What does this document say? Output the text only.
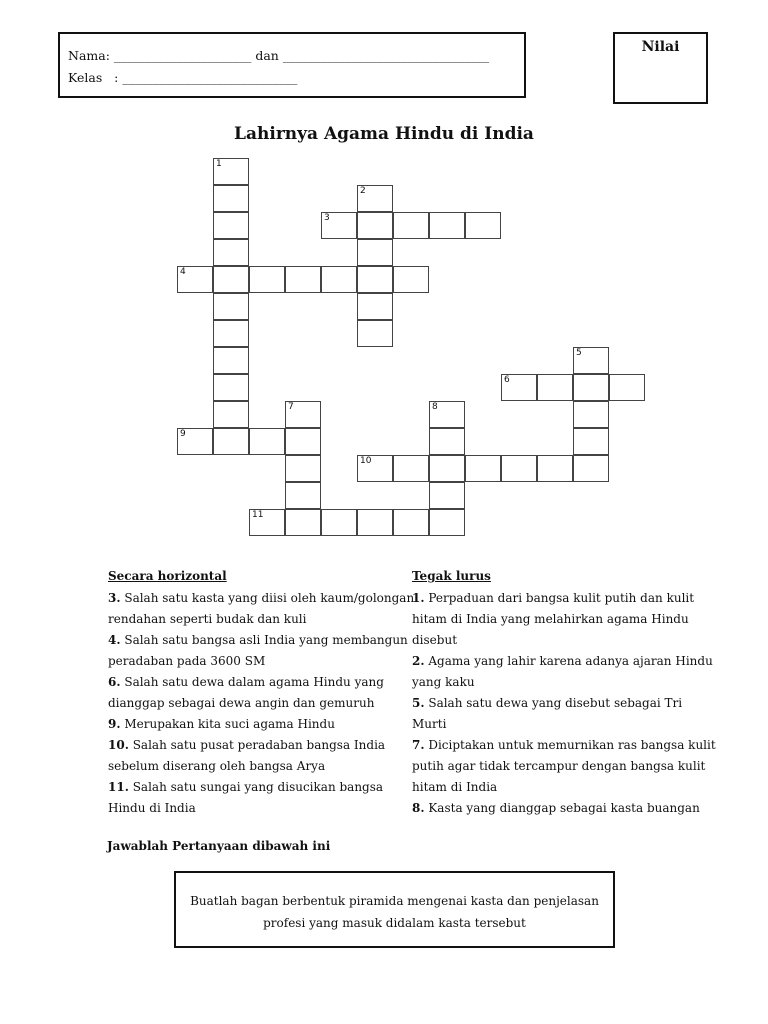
Nama: ______________________ dan _________________________________
Kelas   : ____________________________
Nilai
Lahirnya Agama Hindu di India
1
2
3
4
5
6
7	8
9
10
11
Secara horizontal	Tegak lurus
3. Salah satu kasta yang diisi oleh kaum/golongan
rendahan seperti budak dan kuli
4. Salah satu bangsa asli India yang membangun
peradaban pada 3600 SM
6. Salah satu dewa dalam agama Hindu yang
dianggap sebagai dewa angin dan gemuruh
9. Merupakan kita suci agama Hindu
10. Salah satu pusat peradaban bangsa India
sebelum diserang oleh bangsa Arya
11. Salah satu sungai yang disucikan bangsa
Hindu di India
1. Perpaduan dari bangsa kulit putih dan kulit
hitam di India yang melahirkan agama Hindu
disebut
2. Agama yang lahir karena adanya ajaran Hindu
yang kaku
5. Salah satu dewa yang disebut sebagai Tri
Murti
7. Diciptakan untuk memurnikan ras bangsa kulit
putih agar tidak tercampur dengan bangsa kulit
hitam di India
8. Kasta yang dianggap sebagai kasta buangan
Jawablah Pertanyaan dibawah ini
Buatlah bagan berbentuk piramida mengenai kasta dan penjelasan
profesi yang masuk didalam kasta tersebut
